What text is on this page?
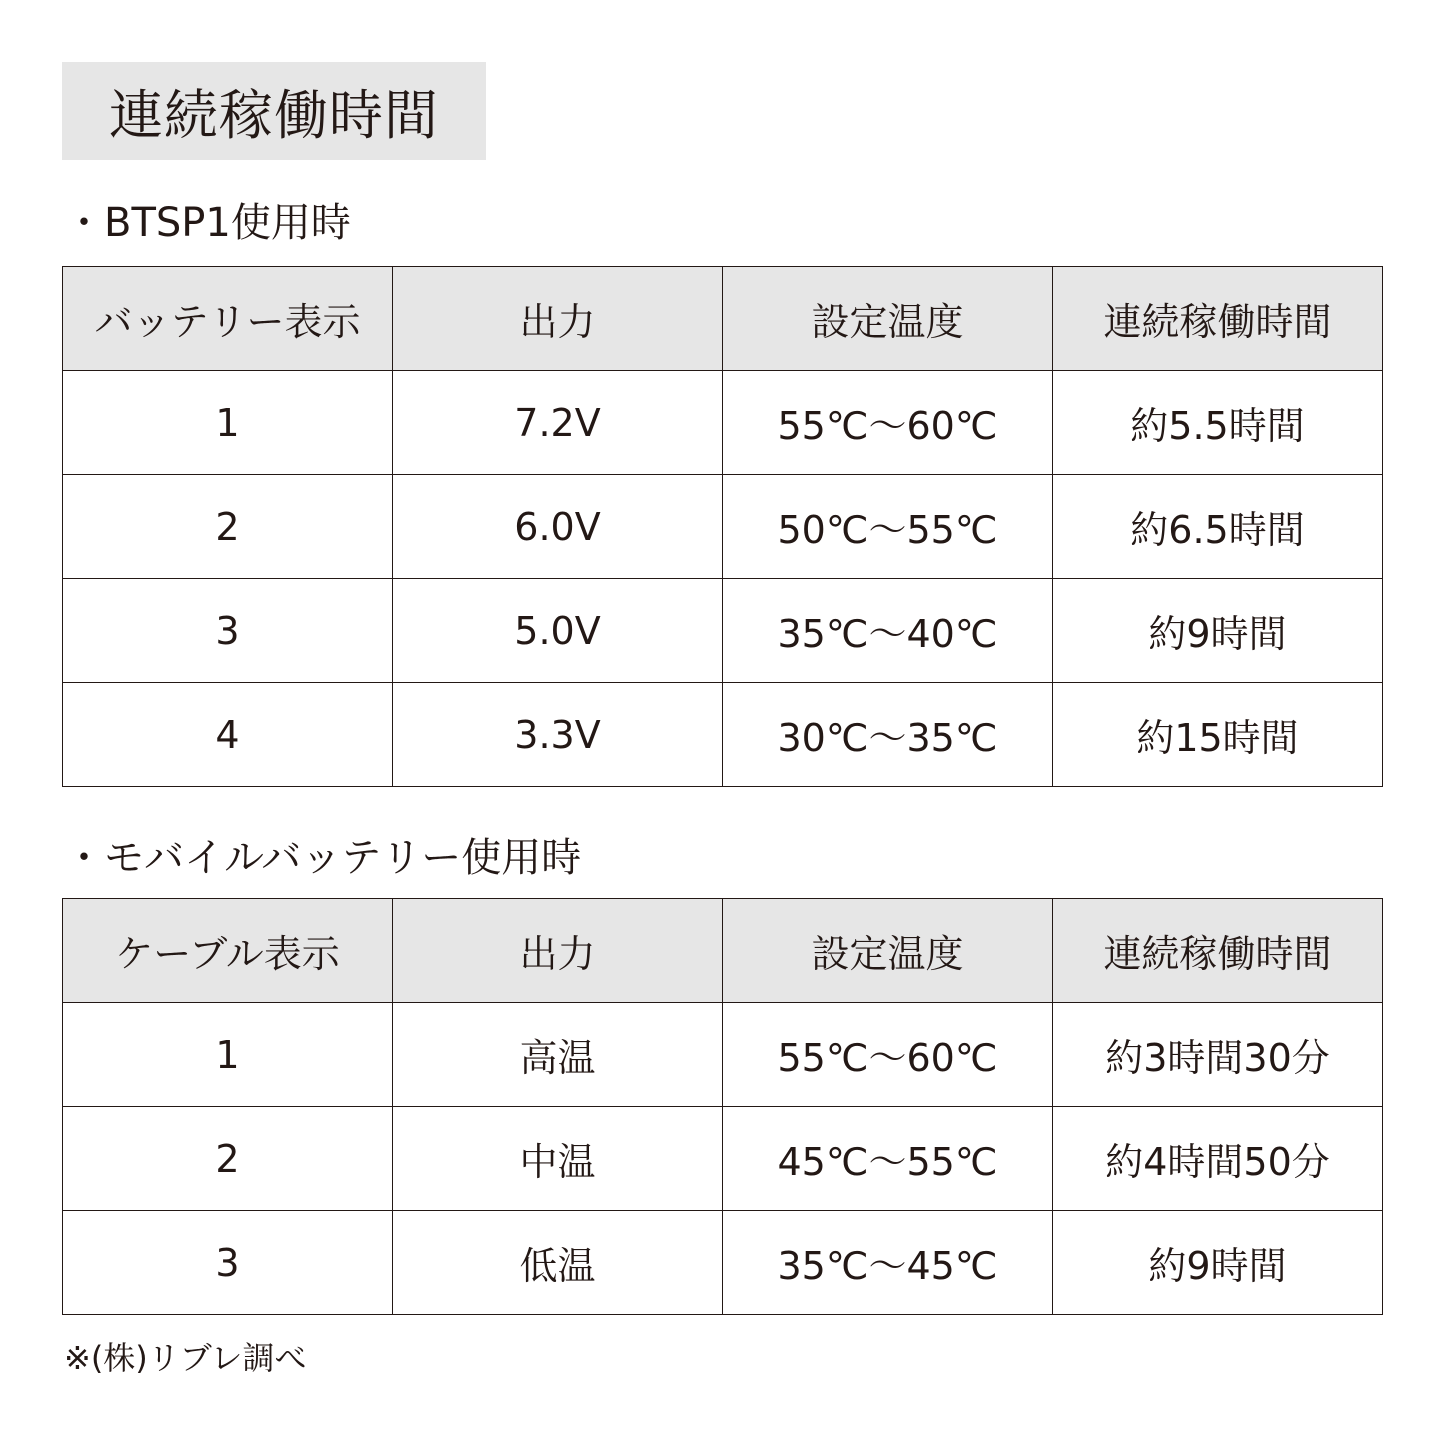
連続稼働時間
・BTSP1使用時
バッテリー表示	出力	設定温度	連続稼働時間
1	7.2V	55℃～60℃	約5.5時間
2	6.0V	50℃～55℃	約6.5時間
3	5.0V	35℃～40℃	約9時間
4	3.3V	30℃～35℃	約15時間
・モバイルバッテリー使用時
ケーブル表示	出力	設定温度	連続稼働時間
1	高温	55℃～60℃	約3時間30分
2	中温	45℃～55℃	約4時間50分
3	低温	35℃～45℃	約9時間
※(株)リブレ調べ
